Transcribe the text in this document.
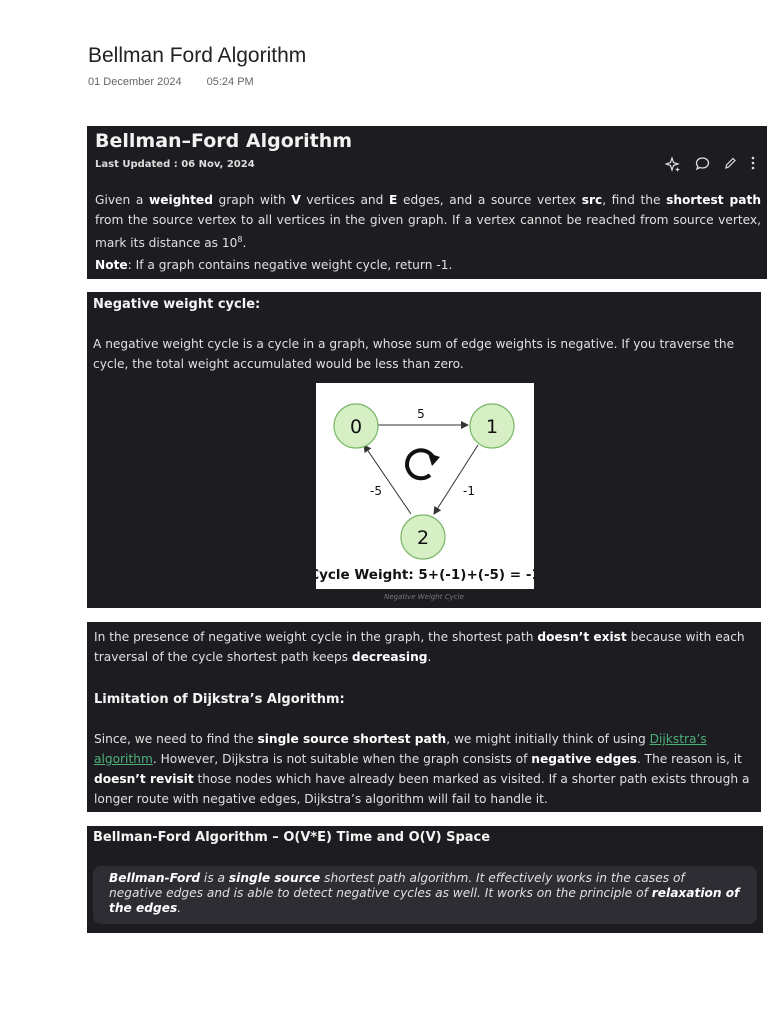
Bellman Ford Algorithm
01 December 2024 05:24 PM
Bellman–Ford Algorithm
Last Updated : 06 Nov, 2024
Given a weighted graph with V vertices and E edges, and a source vertex src, find the shortest path from the source vertex to all vertices in the given graph. If a vertex cannot be reached from source vertex, mark its distance as $10^8$.
Note: If a graph contains negative weight cycle, return -1.
Negative weight cycle:
A negative weight cycle is a cycle in a graph, whose sum of edge weights is negative. If you traverse the cycle, the total weight accumulated would be less than zero.
0	1
2
5
-1
-5
Cycle Weight: 5+(-1)+(-5) = -1
Negative Weight Cycle
In the presence of negative weight cycle in the graph, the shortest path doesn’t exist because with each traversal of the cycle shortest path keeps decreasing.
Limitation of Dijkstra’s Algorithm:
Since, we need to find the single source shortest path, we might initially think of using Dijkstra’s algorithm. However, Dijkstra is not suitable when the graph consists of negative edges. The reason is, it doesn’t revisit those nodes which have already been marked as visited. If a shorter path exists through a longer route with negative edges, Dijkstra’s algorithm will fail to handle it.
Bellman-Ford Algorithm – O(V*E) Time and O(V) Space
Bellman-Ford is a single source shortest path algorithm. It effectively works in the cases of negative edges and is able to detect negative cycles as well. It works on the principle of relaxation of the edges.
